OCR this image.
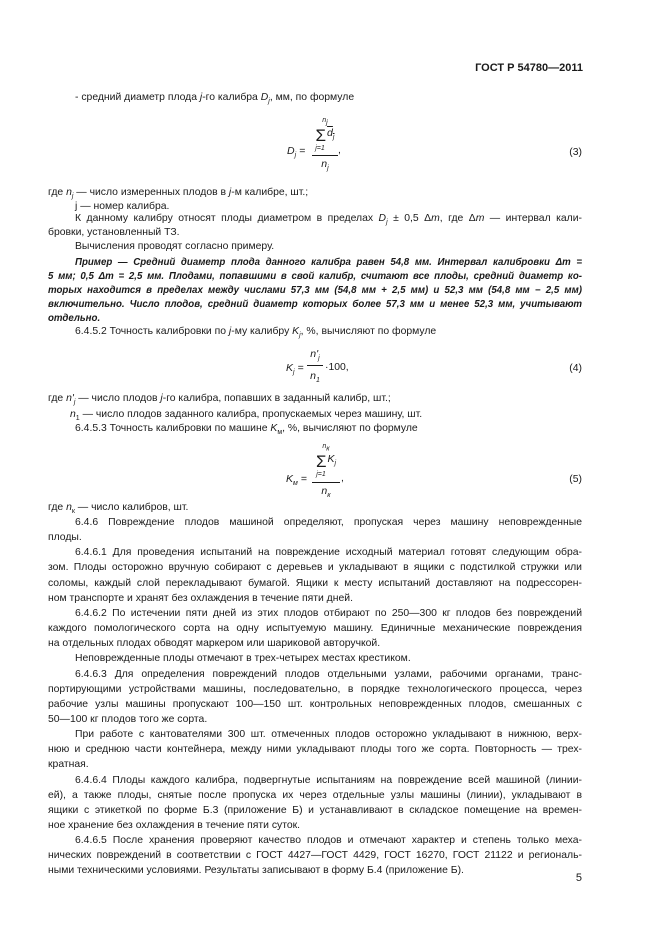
ГОСТ Р 54780—2011
- средний диаметр плода j-го калибра $D_j$, мм, по формуле
$D_j$ =
$n_j$
Σ $d_j$
j=1
$n_j$
,	(3)
где $n_j$ — число измеренных плодов в j-м калибре, шт.;
j — номер калибра.
К данному калибру относят плоды диаметром в пределах $D_j \pm 0,5$ Δm, где Δm — интервал кали-
бровки, установленный ТЗ.
Вычисления проводят согласно примеру.
Пример — Средний диаметр плода данного калибра равен 54,8 мм. Интервал калибровки Δm =
5 мм; 0,5 Δm = 2,5 мм. Плодами, попавшими в свой калибр, считают все плоды, средний диаметр ко-
торых находится в пределах между числами 57,3 мм (54,8 мм + 2,5 мм) и 52,3 мм (54,8 мм − 2,5 мм)
включительно. Число плодов, средний диаметр которых более 57,3 мм и менее 52,3 мм, учитывают
отдельно.
6.4.5.2 Точность калибровки по j-му калибру $K_j$, %, вычисляют по формуле
$K_j$ =
$n'_j$
$n_1$
·100,	(4)
где $n'_j$ — число плодов j-го калибра, попавших в заданный калибр, шт.;
$n_1$ — число плодов заданного калибра, пропускаемых через машину, шт.
6.4.5.3 Точность калибровки по машине $K_м$, %, вычисляют по формуле
$K_м$ =
$n_к$
Σ $K_j$
j=1
$n_к$
,	(5)
где $n_к$ — число калибров, шт.
6.4.6 Повреждение плодов машиной определяют, пропуская через машину неповрежденные
плоды.
6.4.6.1 Для проведения испытаний на повреждение исходный материал готовят следующим обра-
зом. Плоды осторожно вручную собирают с деревьев и укладывают в ящики с подстилкой стружки или
соломы, каждый слой перекладывают бумагой. Ящики к месту испытаний доставляют на подрессорен-
ном транспорте и хранят без охлаждения в течение пяти дней.
6.4.6.2 По истечении пяти дней из этих плодов отбирают по 250—300 кг плодов без повреждений
каждого помологического сорта на одну испытуемую машину. Единичные механические повреждения
на отдельных плодах обводят маркером или шариковой авторучкой.
Неповрежденные плоды отмечают в трех-четырех местах крестиком.
6.4.6.3 Для определения повреждений плодов отдельными узлами, рабочими органами, транс-
портирующими устройствами машины, последовательно, в порядке технологического процесса, через
рабочие узлы машины пропускают 100—150 шт. контрольных неповрежденных плодов, смешанных с
50—100 кг плодов того же сорта.
При работе с кантователями 300 шт. отмеченных плодов осторожно укладывают в нижнюю, верх-
нюю и среднюю части контейнера, между ними укладывают плоды того же сорта. Повторность — трех-
кратная.
6.4.6.4 Плоды каждого калибра, подвергнутые испытаниям на повреждение всей машиной (линии-
ей), а также плоды, снятые после пропуска их через отдельные узлы машины (линии), укладывают в
ящики с этикеткой по форме Б.3 (приложение Б) и устанавливают в складское помещение на времен-
ное хранение без охлаждения в течение пяти суток.
6.4.6.5 После хранения проверяют качество плодов и отмечают характер и степень только меха-
нических повреждений в соответствии с ГОСТ 4427—ГОСТ 4429, ГОСТ 16270, ГОСТ 21122 и региональ-
ными техническими условиями. Результаты записывают в форму Б.4 (приложение Б).
5
